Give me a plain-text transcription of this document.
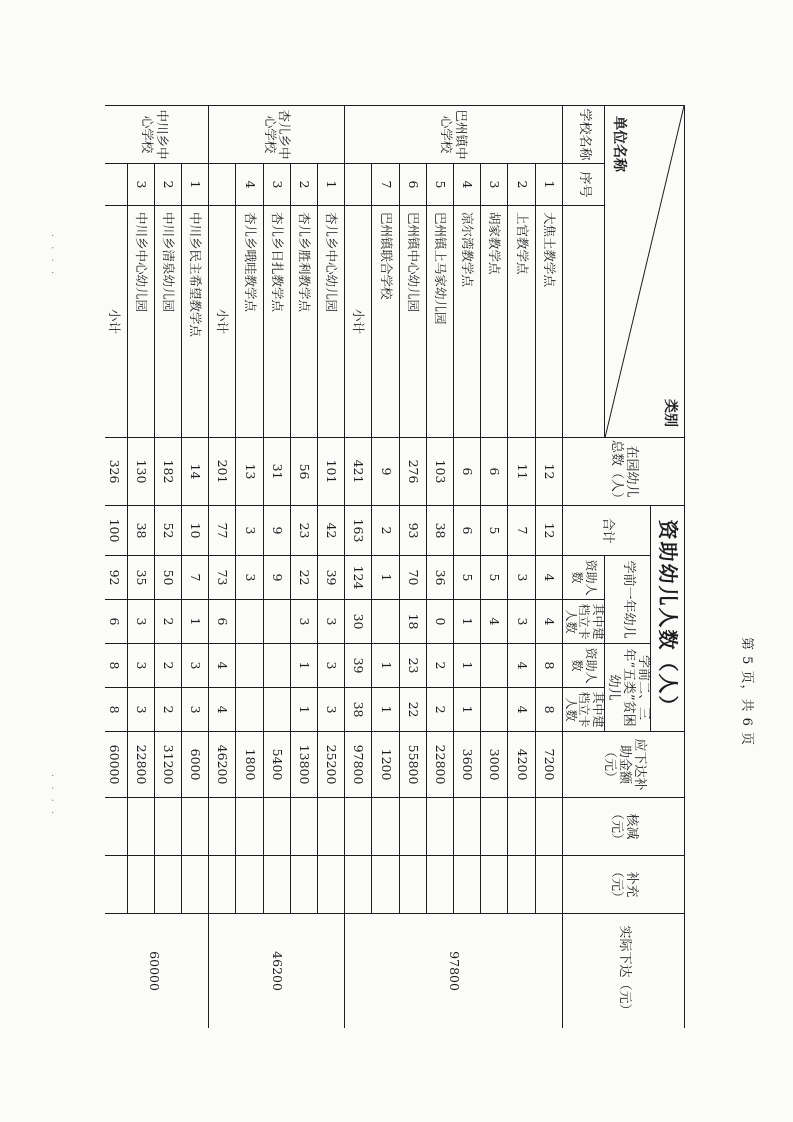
· · · ·
· · · ·
单位名称
类别			在园幼儿总数（人）	资助幼儿人数（人）					应下达补助金额（元）	核减（元）	补充（元）	实际下达（元）
				合计	学前一年幼儿		学前二、三年“五类”贫困幼儿					

学校名称	序号				资助人数	其中建档立卡人数	资助人数	其中建档立卡人数				
巴州镇中心学校	1	大焦土教学点	12	12	4	4	8	8	7200			97800
	2	上官教学点	11	7	3	3	4	4	4200			
	3	胡家教学点	6	5	5	4			3000			
	4	凉尔湾教学点	6	6	5	1	1	1	3600			
	5	巴州镇上马家幼儿园	103	38	36	0	2	2	22800			
	6	巴州镇中心幼儿园	276	93	70	18	23	22	55800			
	7	巴州镇联合学校	9	2	1		1	1	1200			
		小计	421	163	124	30	39	38	97800			
杏儿乡中心学校	1	杏儿乡中心幼儿园	101	42	39	3	3	3	25200			46200
	2	杏儿乡胜利教学点	56	23	22	3	1	1	13800			
	3	杏儿乡日扎教学点	31	9	9				5400			
	4	杏儿乡哦哇教学点	13	3	3				1800			
		小计	201	77	73	6	4	4	46200			
中川乡中心学校	1	中川乡民主希望教学点	14	10	7	1	3	3	6000			60000
	2	中川乡清泉幼儿园	182	52	50	2	2	2	31200			
	3	中川乡中心幼儿园	130	38	35	3	3	3	22800			
		小计	326	100	92	6	8	8	60000			
第 5 页，共 6 页
